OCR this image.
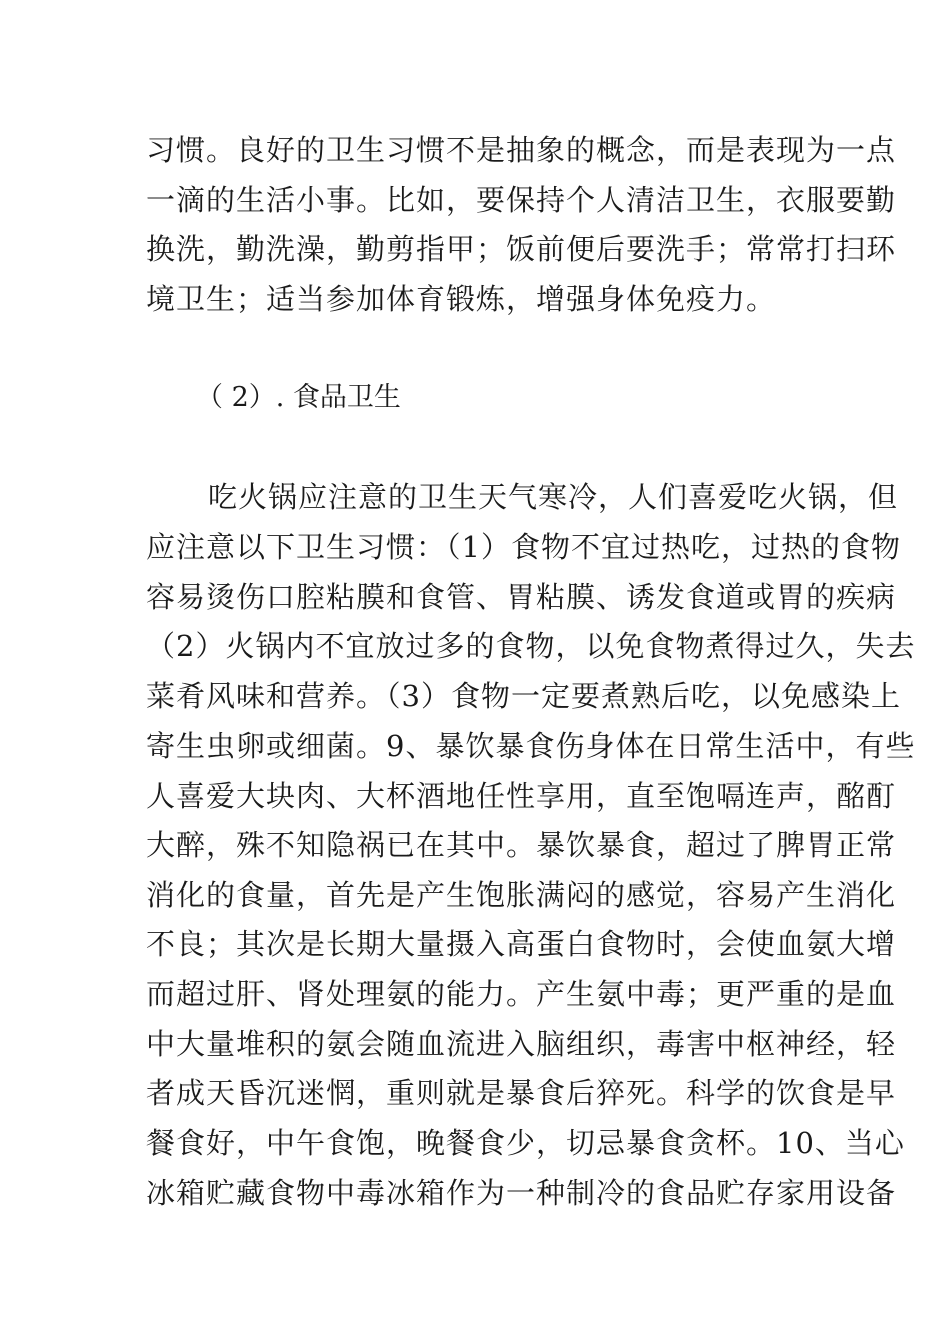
习惯。良好的卫生习惯不是抽象的概念，而是表现为一点
一滴的生活小事。比如，要保持个人清洁卫生，衣服要勤
换洗，勤洗澡，勤剪指甲；饭前便后要洗手；常常打扫环
境卫生；适当参加体育锻炼，增强身体免疫力。
（ 2）. 食品卫生
吃火锅应注意的卫生天气寒冷，人们喜爱吃火锅，但
应注意以下卫生习惯：（1）食物不宜过热吃，过热的食物
容易烫伤口腔粘膜和食管、胃粘膜、诱发食道或胃的疾病
（2）火锅内不宜放过多的食物，以免食物煮得过久，失去
菜肴风味和营养。（3）食物一定要煮熟后吃，以免感染上
寄生虫卵或细菌。9、暴饮暴食伤身体在日常生活中，有些
人喜爱大块肉、大杯酒地任性享用，直至饱嗝连声，酩酊
大醉，殊不知隐祸已在其中。暴饮暴食，超过了脾胃正常
消化的食量，首先是产生饱胀满闷的感觉，容易产生消化
不良；其次是长期大量摄入高蛋白食物时，会使血氨大增
而超过肝、肾处理氨的能力。产生氨中毒；更严重的是血
中大量堆积的氨会随血流进入脑组织，毒害中枢神经，轻
者成天昏沉迷惘，重则就是暴食后猝死。科学的饮食是早
餐食好，中午食饱，晚餐食少，切忌暴食贪杯。10、当心
冰箱贮藏食物中毒冰箱作为一种制冷的食品贮存家用设备
